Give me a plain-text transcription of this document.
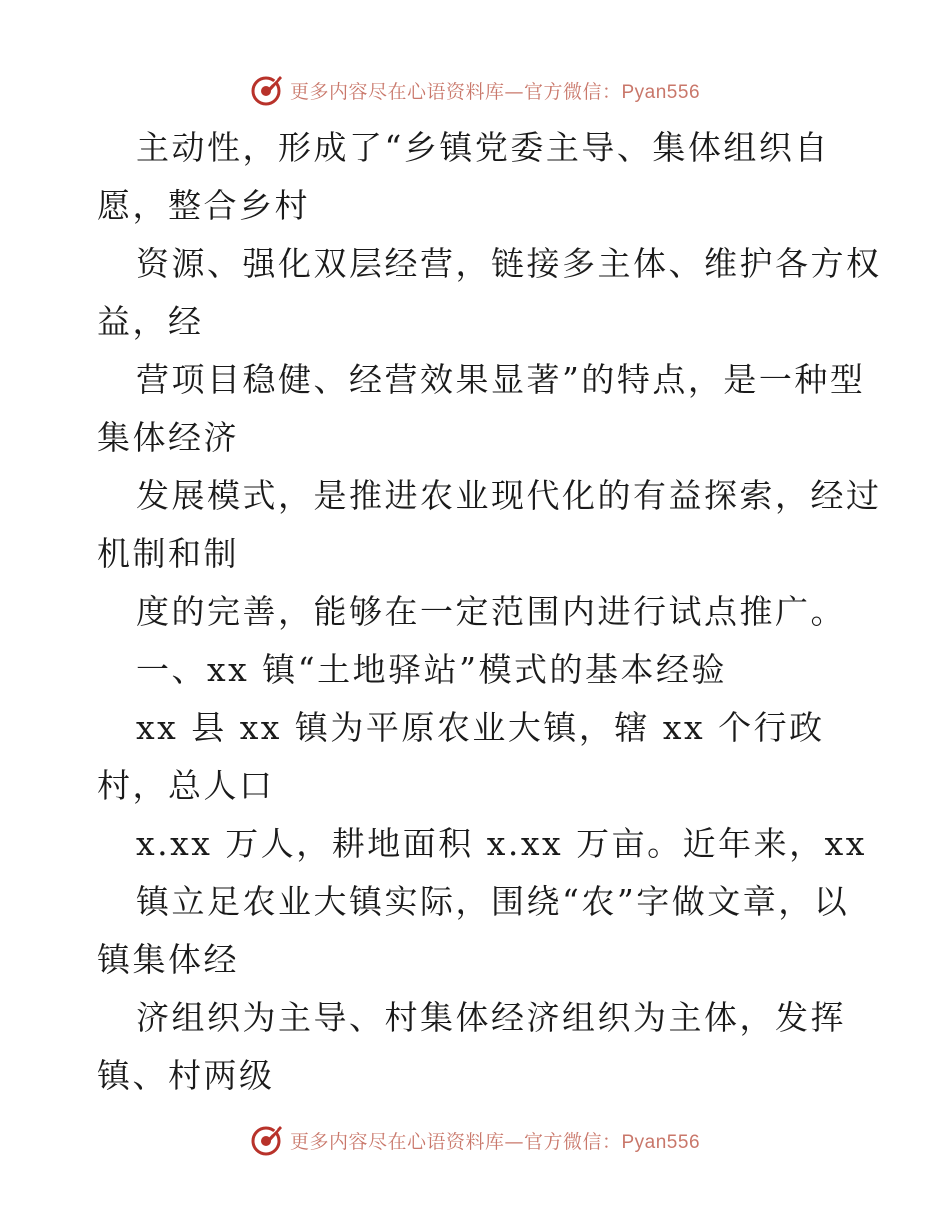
更多内容尽在心语资料库—官方微信：Pyan556
主动性，形成了“乡镇党委主导、集体组织自
愿，整合乡村
资源、强化双层经营，链接多主体、维护各方权
益，经
营项目稳健、经营效果显著”的特点，是一种型
集体经济
发展模式，是推进农业现代化的有益探索，经过
机制和制
度的完善，能够在一定范围内进行试点推广。
一、xx 镇“土地驿站”模式的基本经验
xx 县 xx 镇为平原农业大镇，辖 xx 个行政
村，总人口
x.xx 万人，耕地面积 x.xx 万亩。近年来，xx
镇立足农业大镇实际，围绕“农”字做文章，以
镇集体经
济组织为主导、村集体经济组织为主体，发挥
镇、村两级
更多内容尽在心语资料库—官方微信：Pyan556
